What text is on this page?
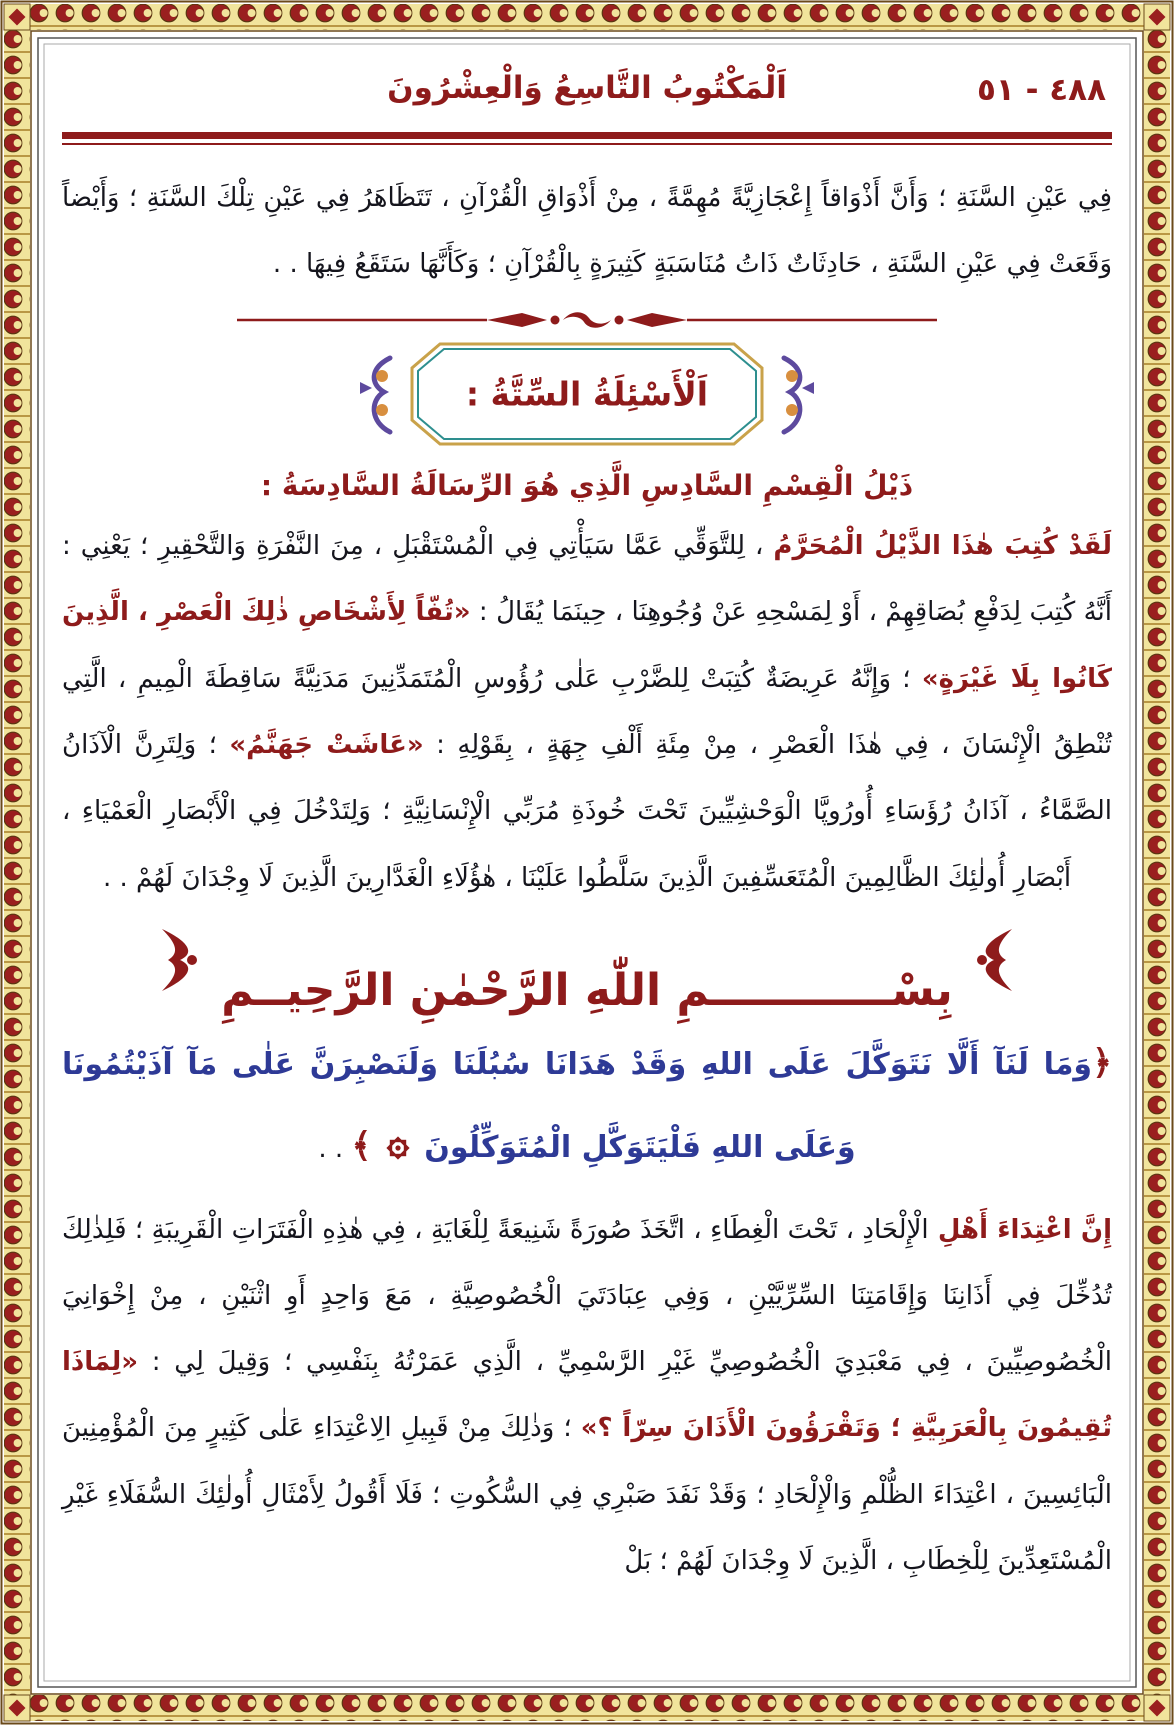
٤٨٨ - ٥١
اَلْمَكْتُوبُ التَّاسِعُ وَالْعِشْرُونَ

فِي عَيْنِ السَّنَةِ ؛ وَأَنَّ أَذْوَاقاً إِعْجَازِيَّةً مُهِمَّةً ، مِنْ أَذْوَاقِ الْقُرْآنِ ، تَتَظَاهَرُ فِي عَيْنِ تِلْكَ السَّنَةِ ؛ وَأَيْضاً وَقَعَتْ فِي عَيْنِ السَّنَةِ ، حَادِثَاتٌ ذَاتُ مُنَاسَبَةٍ كَثِيرَةٍ بِالْقُرْآنِ ؛ وَكَأَنَّهَا سَتَقَعُ فِيهَا . .

اَلْأَسْئِلَةُ السِّتَّةُ :
ذَيْلُ الْقِسْمِ السَّادِسِ الَّذِي هُوَ الرِّسَالَةُ السَّادِسَةُ :

لَقَدْ كُتِبَ هٰذَا الذَّيْلُ الْمُحَرَّمُ ، لِلتَّوَقِّي عَمَّا سَيَأْتِي فِي الْمُسْتَقْبَلِ ، مِنَ النَّفْرَةِ وَالتَّحْقِيرِ ؛ يَعْنِي : أَنَّهُ كُتِبَ لِدَفْعِ بُصَاقِهِمْ ، أَوْ لِمَسْحِهِ عَنْ وُجُوهِنَا ، حِينَمَا يُقَالُ : «تُفّاً لِأَشْخَاصِ ذٰلِكَ الْعَصْرِ ، الَّذِينَ كَانُوا بِلَا غَيْرَةٍ» ؛ وَإِنَّهُ عَرِيضَةٌ كُتِبَتْ لِلضَّرْبِ عَلٰى رُؤُوسِ الْمُتَمَدِّنِينَ مَدَنِيَّةً سَاقِطَةَ الْمِيمِ ، الَّتِي تُنْطِقُ الْإِنْسَانَ ، فِي هٰذَا الْعَصْرِ ، مِنْ مِئَةِ أَلْفِ جِهَةٍ ، بِقَوْلِهِ : «عَاشَتْ جَهَنَّمُ» ؛ وَلِتَرِنَّ الْآذَانُ الصَّمَّاءُ ، آذَانُ رُؤَسَاءِ أُورُوپَّا الْوَحْشِيِّينَ تَحْتَ خُوذَةِ مُرَبِّي الْإِنْسَانِيَّةِ ؛ وَلِتَدْخُلَ فِي الْأَبْصَارِ الْعَمْيَاءِ ، أَبْصَارِ أُولٰئِكَ الظَّالِمِينَ الْمُتَعَسِّفِينَ الَّذِينَ سَلَّطُوا عَلَيْنَا ، هٰؤُلَاءِ الْغَدَّارِينَ الَّذِينَ لَا وِجْدَانَ لَهُمْ . .

بِسْــــــــــــمِ اللّٰهِ الرَّحْمٰنِ الرَّحِيــمِ

﴿وَمَا لَنَآ أَلَّا نَتَوَكَّلَ عَلَى اللهِ وَقَدْ هَدَانَا سُبُلَنَا وَلَنَصْبِرَنَّ عَلٰى مَآ آذَيْتُمُونَا وَعَلَى اللهِ فَلْيَتَوَكَّلِ الْمُتَوَكِّلُونَ  ﴾ . .

إِنَّ اعْتِدَاءَ أَهْلِ الْإِلْحَادِ ، تَحْتَ الْغِطَاءِ ، اتَّخَذَ صُورَةً شَنِيعَةً لِلْغَايَةِ ، فِي هٰذِهِ الْفَتَرَاتِ الْقَرِيبَةِ ؛ فَلِذٰلِكَ تُدُخِّلَ فِي أَذَانِنَا وَإِقَامَتِنَا السِّرِّيَّيْنِ ، وَفِي عِبَادَتَيَ الْخُصُوصِيَّةِ ، مَعَ وَاحِدٍ أَوِ اثْنَيْنِ ، مِنْ إِخْوَانِيَ الْخُصُوصِيِّينَ ، فِي مَعْبَدِيَ الْخُصُوصِيِّ غَيْرِ الرَّسْمِيِّ ، الَّذِي عَمَرْتُهُ بِنَفْسِي ؛ وَقِيلَ لِي : «لِمَاذَا تُقِيمُونَ بِالْعَرَبِيَّةِ ؛ وَتَقْرَؤُونَ الْأَذَانَ سِرّاً ؟» ؛ وَذٰلِكَ مِنْ قَبِيلِ الِاعْتِدَاءِ عَلٰى كَثِيرٍ مِنَ الْمُؤْمِنِينَ الْبَائِسِينَ ، اعْتِدَاءَ الظُّلْمِ وَالْإِلْحَادِ ؛ وَقَدْ نَفَدَ صَبْرِي فِي السُّكُوتِ ؛ فَلَا أَقُولُ لِأَمْثَالِ أُولٰئِكَ السُّفَلَاءِ غَيْرِ الْمُسْتَعِدِّينَ لِلْخِطَابِ ، الَّذِينَ لَا وِجْدَانَ لَهُمْ ؛ بَلْ
